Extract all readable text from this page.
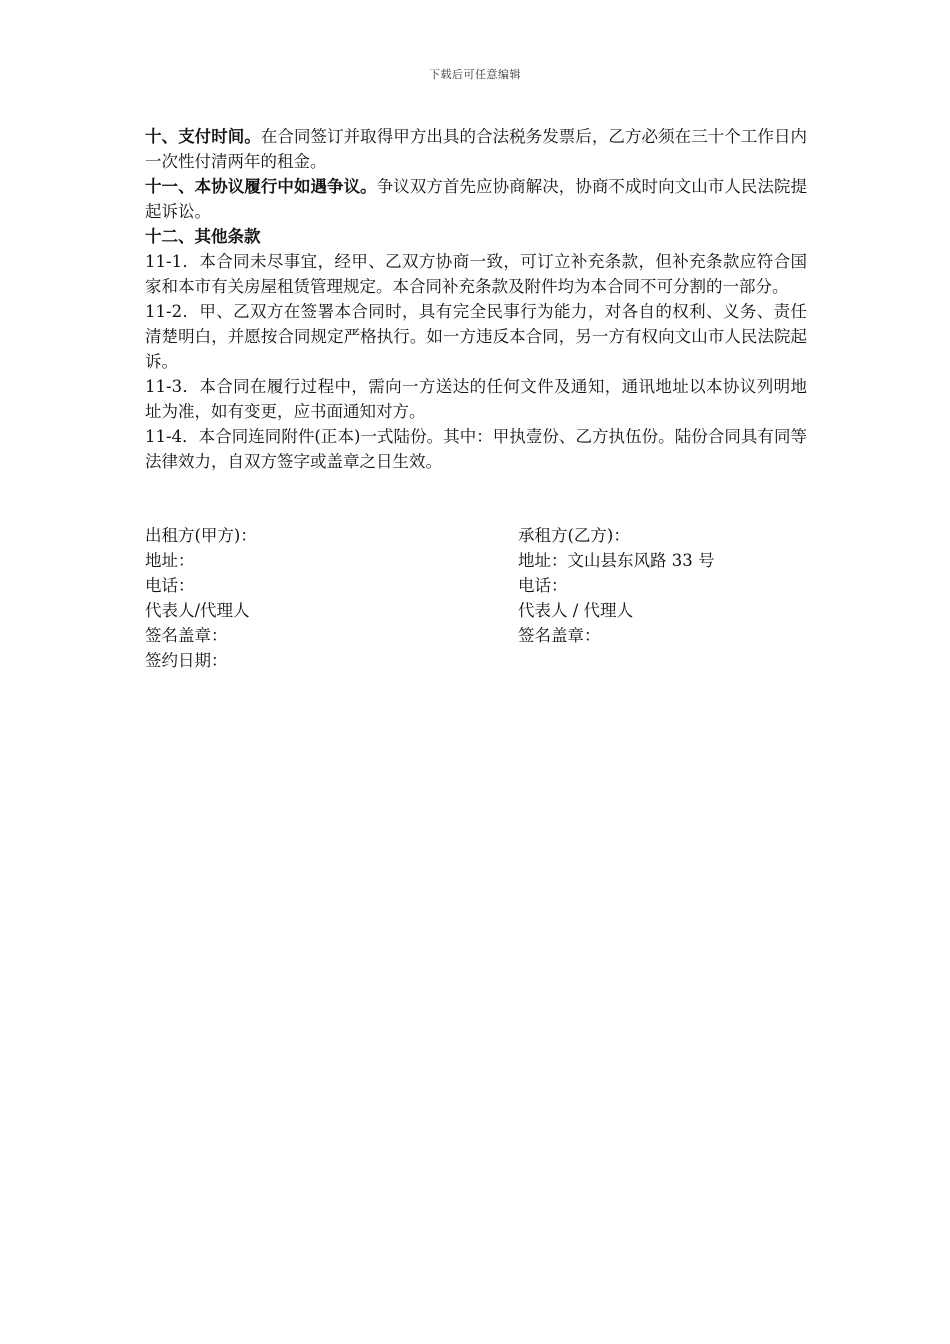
下载后可任意编辑

十、支付时间。在合同签订并取得甲方出具的合法税务发票后，乙方必须在三十个工作日内一次性付清两年的租金。

十一、本协议履行中如遇争议。争议双方首先应协商解决，协商不成时向文山市人民法院提起诉讼。

十二、其他条款

11-1．本合同未尽事宜，经甲、乙双方协商一致，可订立补充条款，但补充条款应符合国家和本市有关房屋租赁管理规定。本合同补充条款及附件均为本合同不可分割的一部分。

11-2．甲、乙双方在签署本合同时，具有完全民事行为能力，对各自的权利、义务、责任清楚明白，并愿按合同规定严格执行。如一方违反本合同，另一方有权向文山市人民法院起诉。

11-3．本合同在履行过程中，需向一方送达的任何文件及通知，通讯地址以本协议列明地址为准，如有变更，应书面通知对方。

11-4．本合同连同附件(正本)一式陆份。其中：甲执壹份、乙方执伍份。陆份合同具有同等法律效力，自双方签字或盖章之日生效。

出租方(甲方)：	承租方(乙方)：
地址：	地址：文山县东风路 33 号
电话：	电话：
代表人/代理人	代表人 / 代理人
签名盖章：	签名盖章：
签约日期：
